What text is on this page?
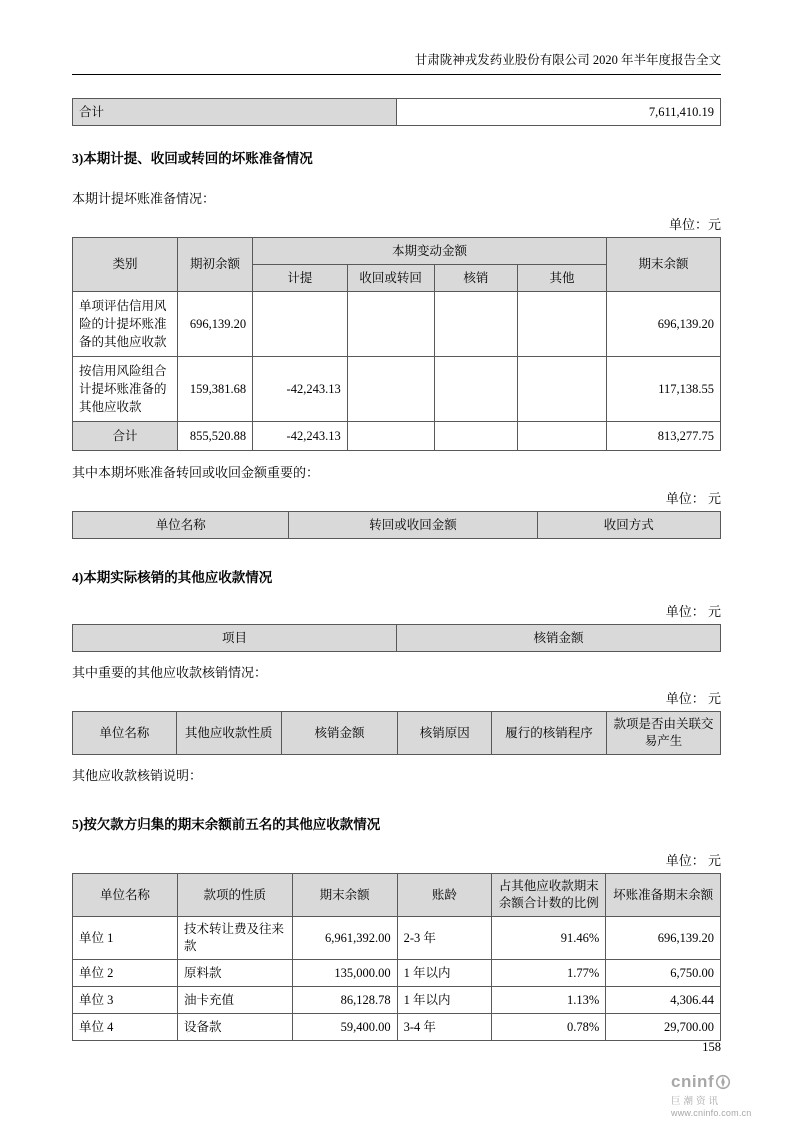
甘肃陇神戎发药业股份有限公司 2020 年半年度报告全文
合计	7,611,410.19
3)本期计提、收回或转回的坏账准备情况

本期计提坏账准备情况：

单位：元
类别	期初余额	本期变动金额				期末余额
		计提	收回或转回	核销	其他	
单项评估信用风险的计提坏账准备的其他应收款	696,139.20					696,139.20
按信用风险组合计提坏账准备的其他应收款	159,381.68	-42,243.13				117,138.55
合计	855,520.88	-42,243.13				813,277.75

其中本期坏账准备转回或收回金额重要的：

单位： 元
单位名称	转回或收回金额	收回方式
4)本期实际核销的其他应收款情况
单位： 元
项目	核销金额

其中重要的其他应收款核销情况：

单位： 元
单位名称	其他应收款性质	核销金额	核销原因	履行的核销程序	款项是否由关联交易产生

其他应收款核销说明：

5)按欠款方归集的期末余额前五名的其他应收款情况
单位： 元
单位名称	款项的性质	期末余额	账龄	占其他应收款期末余额合计数的比例	坏账准备期末余额
单位 1	技术转让费及往来款	6,961,392.00	2-3 年	91.46%	696,139.20
单位 2	原料款	135,000.00	1 年以内	1.77%	6,750.00
单位 3	油卡充值	86,128.78	1 年以内	1.13%	4,306.44
单位 4	设备款	59,400.00	3-4 年	0.78%	29,700.00
158
cninf
巨潮资讯
www.cninfo.com.cn
